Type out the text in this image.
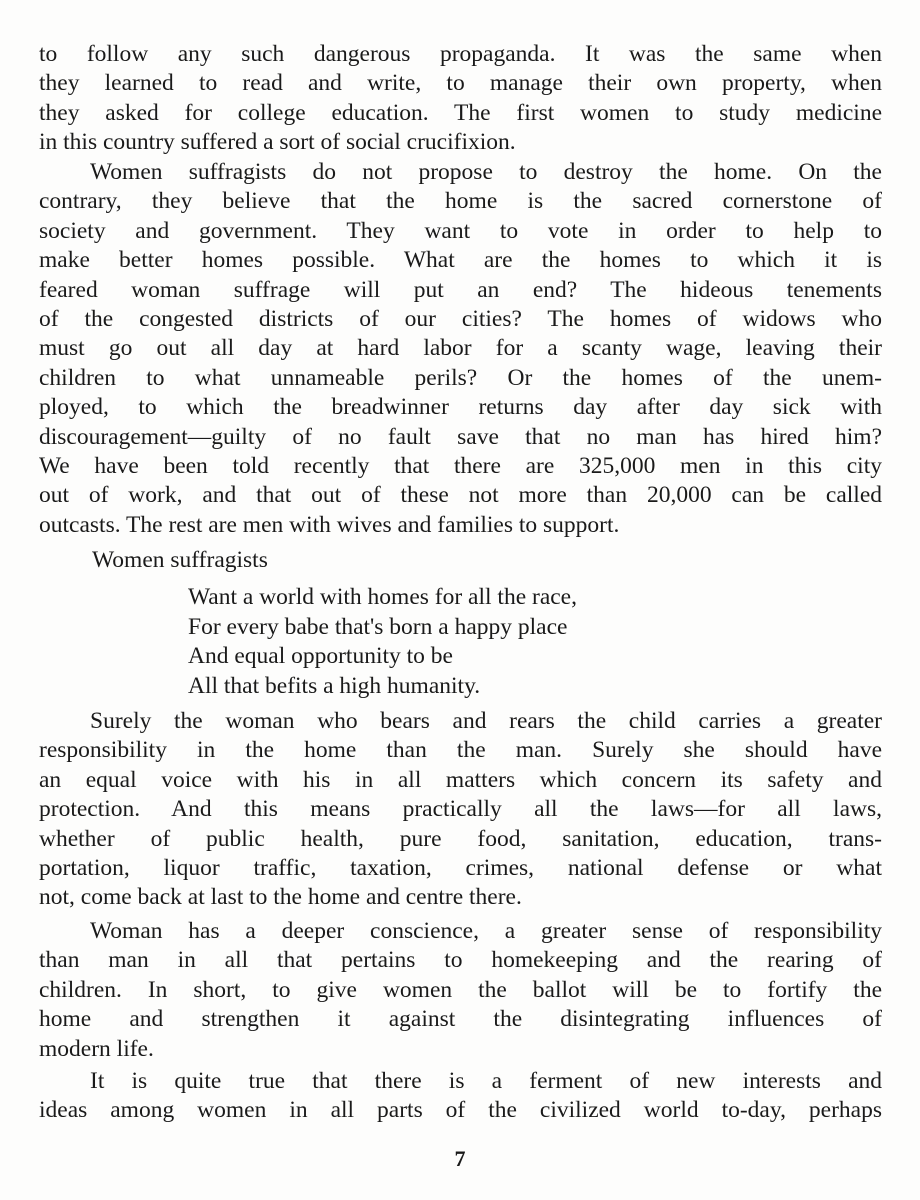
to follow any such dangerous propaganda. It was the same when
they learned to read and write, to manage their own property, when
they asked for college education. The first women to study medicine
in this country suffered a sort of social crucifixion.
Women suffragists do not propose to destroy the home. On the
contrary, they believe that the home is the sacred cornerstone of
society and government. They want to vote in order to help to
make better homes possible. What are the homes to which it is
feared woman suffrage will put an end? The hideous tenements
of the congested districts of our cities? The homes of widows who
must go out all day at hard labor for a scanty wage, leaving their
children to what unnameable perils? Or the homes of the unem-
ployed, to which the breadwinner returns day after day sick with
discouragement—guilty of no fault save that no man has hired him?
We have been told recently that there are 325,000 men in this city
out of work, and that out of these not more than 20,000 can be called
outcasts. The rest are men with wives and families to support.
Women suffragists
Want a world with homes for all the race,
For every babe that's born a happy place
And equal opportunity to be
All that befits a high humanity.
Surely the woman who bears and rears the child carries a greater
responsibility in the home than the man. Surely she should have
an equal voice with his in all matters which concern its safety and
protection. And this means practically all the laws—for all laws,
whether of public health, pure food, sanitation, education, trans-
portation, liquor traffic, taxation, crimes, national defense or what
not, come back at last to the home and centre there.
Woman has a deeper conscience, a greater sense of responsibility
than man in all that pertains to homekeeping and the rearing of
children. In short, to give women the ballot will be to fortify the
home and strengthen it against the disintegrating influences of
modern life.
It is quite true that there is a ferment of new interests and
ideas among women in all parts of the civilized world to-day, perhaps
7
